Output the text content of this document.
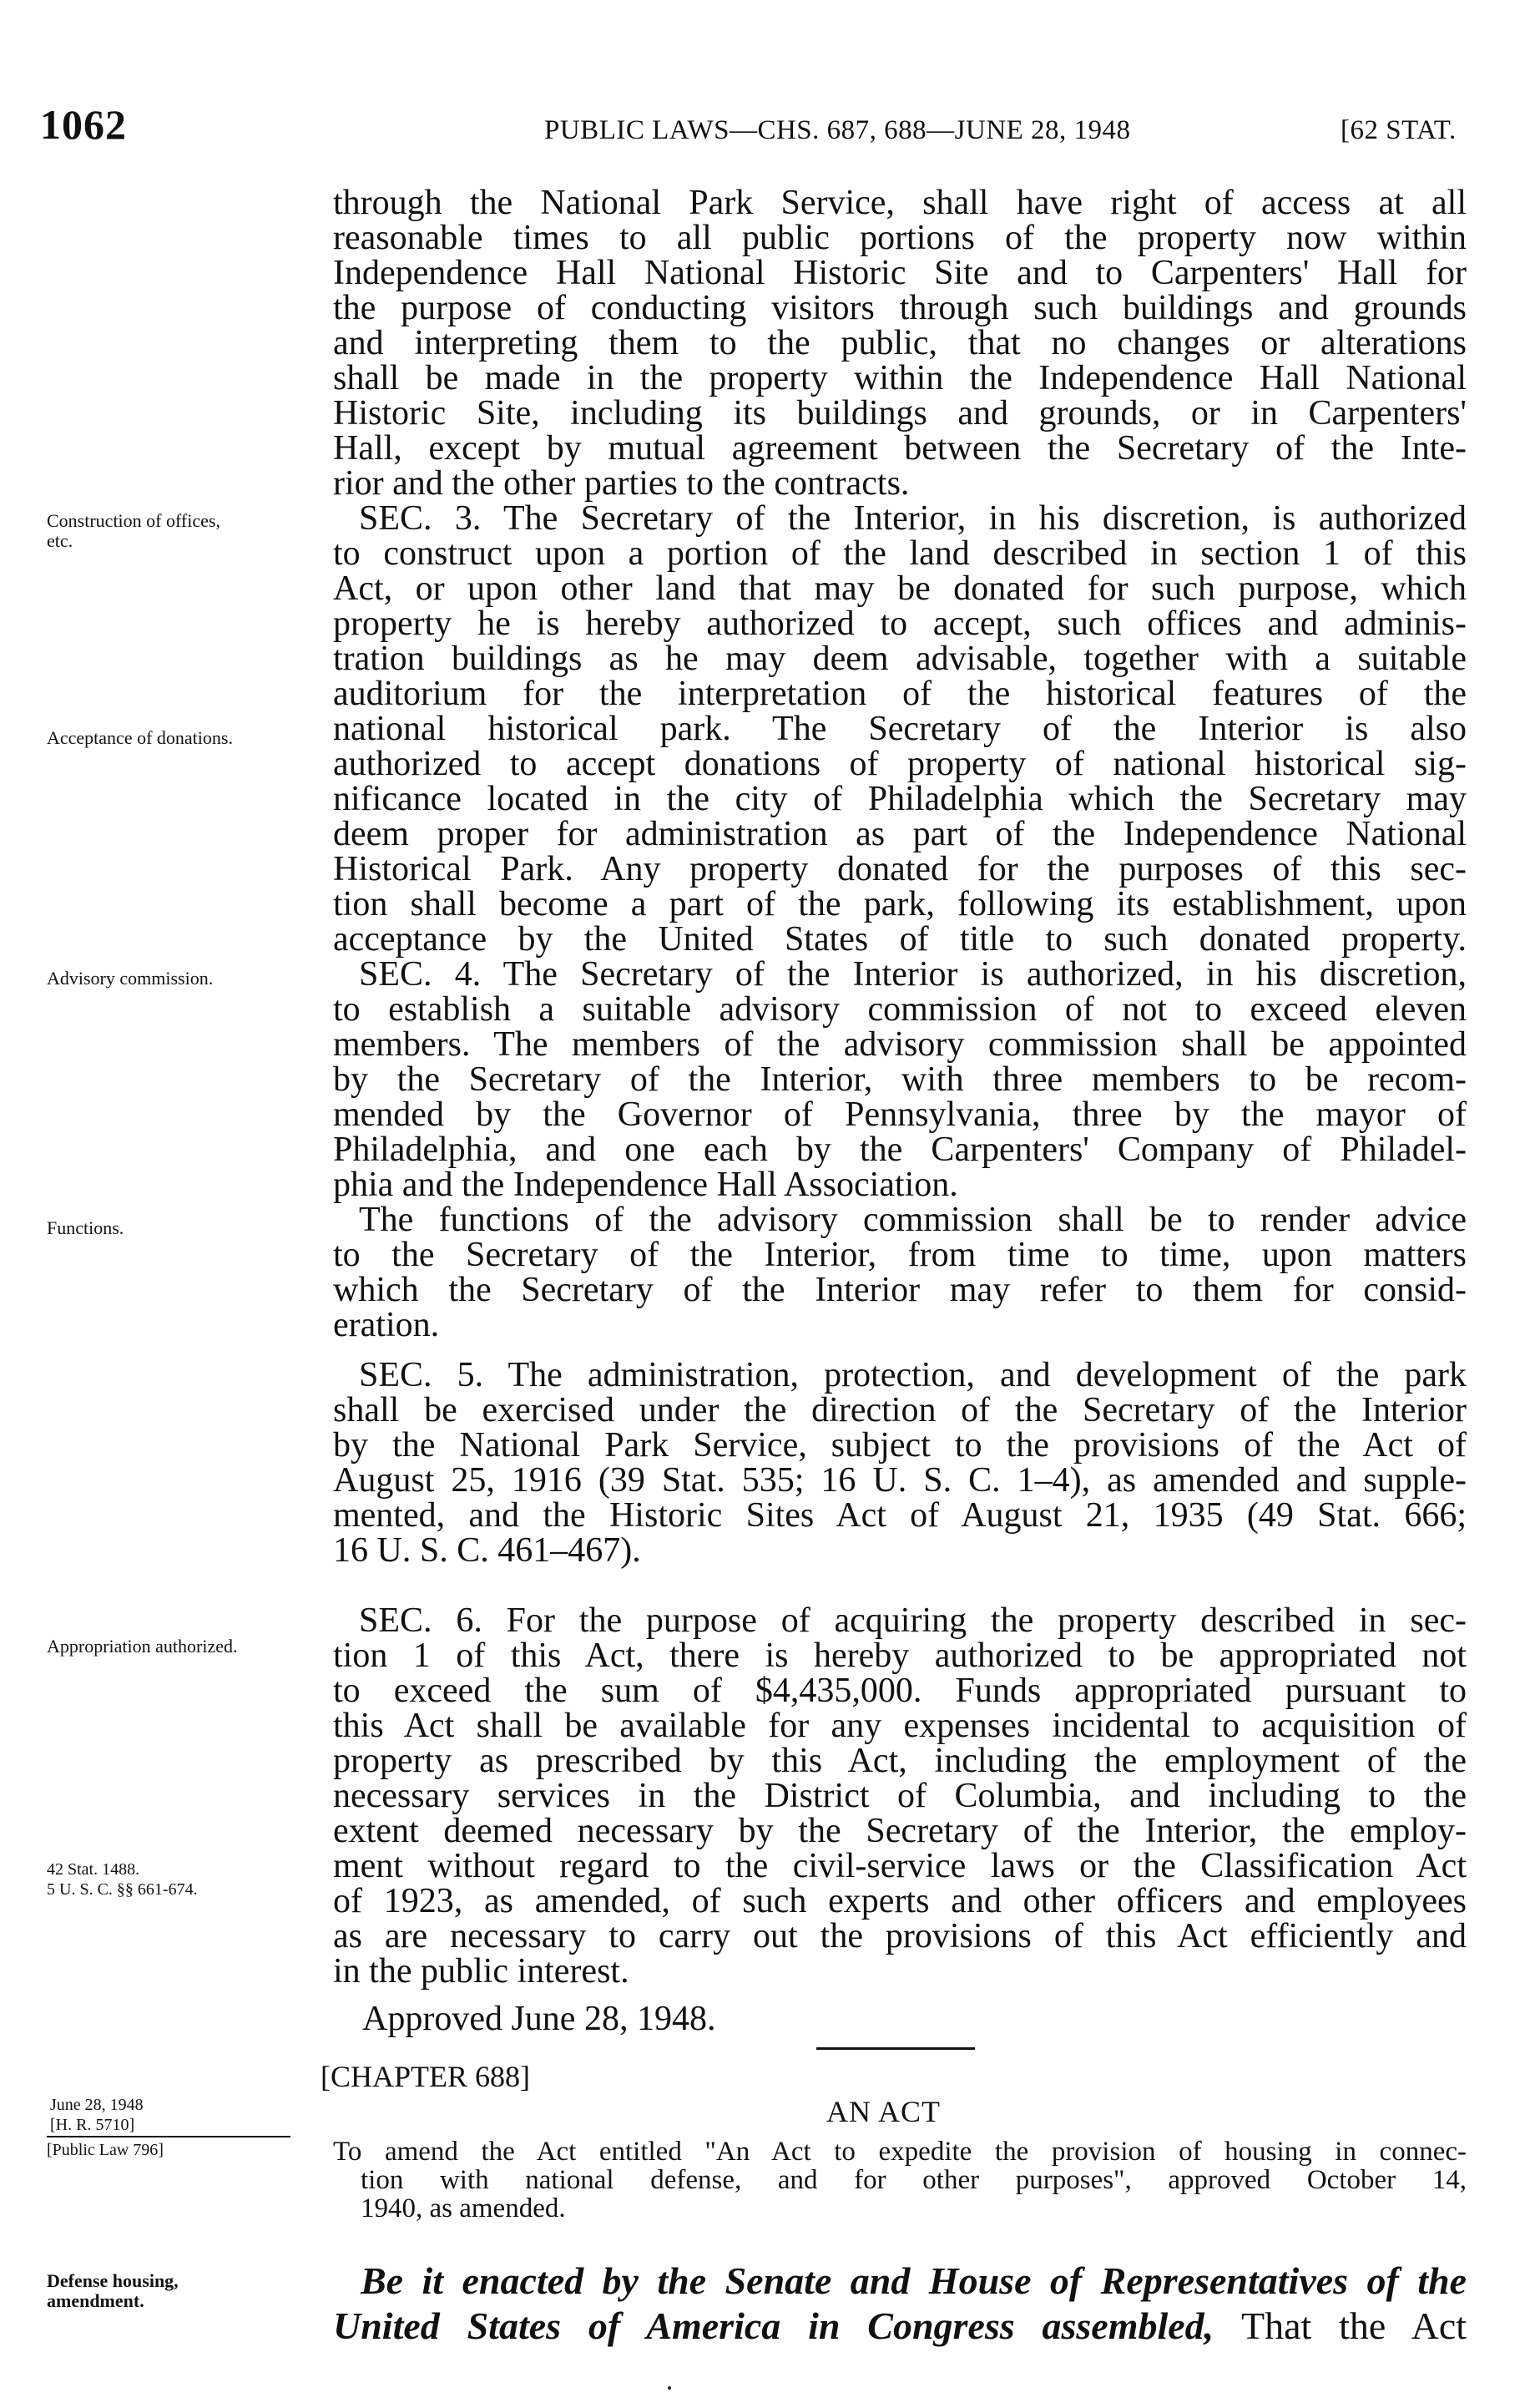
1062	PUBLIC LAWS—CHS. 687, 688—JUNE 28, 1948	[62 STAT.
Construction of offices, etc.
Acceptance of donations.
Advisory commission.
Functions.
Appropriation authorized.
42 Stat. 1488.
5 U. S. C. §§ 661-674.
June 28, 1948
[H. R. 5710]
[Public Law 796]
Defense housing, amendment.
through the National Park Service, shall have right of access at all
reasonable times to all public portions of the property now within
Independence Hall National Historic Site and to Carpenters' Hall for
the purpose of conducting visitors through such buildings and grounds
and interpreting them to the public, that no changes or alterations
shall be made in the property within the Independence Hall National
Historic Site, including its buildings and grounds, or in Carpenters'
Hall, except by mutual agreement between the Secretary of the Inte-
rior and the other parties to the contracts.
SEC. 3. The Secretary of the Interior, in his discretion, is authorized
to construct upon a portion of the land described in section 1 of this
Act, or upon other land that may be donated for such purpose, which
property he is hereby authorized to accept, such offices and adminis-
tration buildings as he may deem advisable, together with a suitable
auditorium for the interpretation of the historical features of the
national historical park. The Secretary of the Interior is also
authorized to accept donations of property of national historical sig-
nificance located in the city of Philadelphia which the Secretary may
deem proper for administration as part of the Independence National
Historical Park. Any property donated for the purposes of this sec-
tion shall become a part of the park, following its establishment, upon
acceptance by the United States of title to such donated property.
SEC. 4. The Secretary of the Interior is authorized, in his discretion,
to establish a suitable advisory commission of not to exceed eleven
members. The members of the advisory commission shall be appointed
by the Secretary of the Interior, with three members to be recom-
mended by the Governor of Pennsylvania, three by the mayor of
Philadelphia, and one each by the Carpenters' Company of Philadel-
phia and the Independence Hall Association.
The functions of the advisory commission shall be to render advice
to the Secretary of the Interior, from time to time, upon matters
which the Secretary of the Interior may refer to them for consid-
eration.
SEC. 5. The administration, protection, and development of the park
shall be exercised under the direction of the Secretary of the Interior
by the National Park Service, subject to the provisions of the Act of
August 25, 1916 (39 Stat. 535; 16 U. S. C. 1–4), as amended and supple-
mented, and the Historic Sites Act of August 21, 1935 (49 Stat. 666;
16 U. S. C. 461–467).
SEC. 6. For the purpose of acquiring the property described in sec-
tion 1 of this Act, there is hereby authorized to be appropriated not
to exceed the sum of $4,435,000. Funds appropriated pursuant to
this Act shall be available for any expenses incidental to acquisition of
property as prescribed by this Act, including the employment of the
necessary services in the District of Columbia, and including to the
extent deemed necessary by the Secretary of the Interior, the employ-
ment without regard to the civil-service laws or the Classification Act
of 1923, as amended, of such experts and other officers and employees
as are necessary to carry out the provisions of this Act efficiently and
in the public interest.
Approved June 28, 1948.
[CHAPTER 688]
AN ACT
To amend the Act entitled "An Act to expedite the provision of housing in connec-
tion with national defense, and for other purposes", approved October 14,
1940, as amended.
Be it enacted by the Senate and House of Representatives of the
United States of America in Congress assembled, That the Act
